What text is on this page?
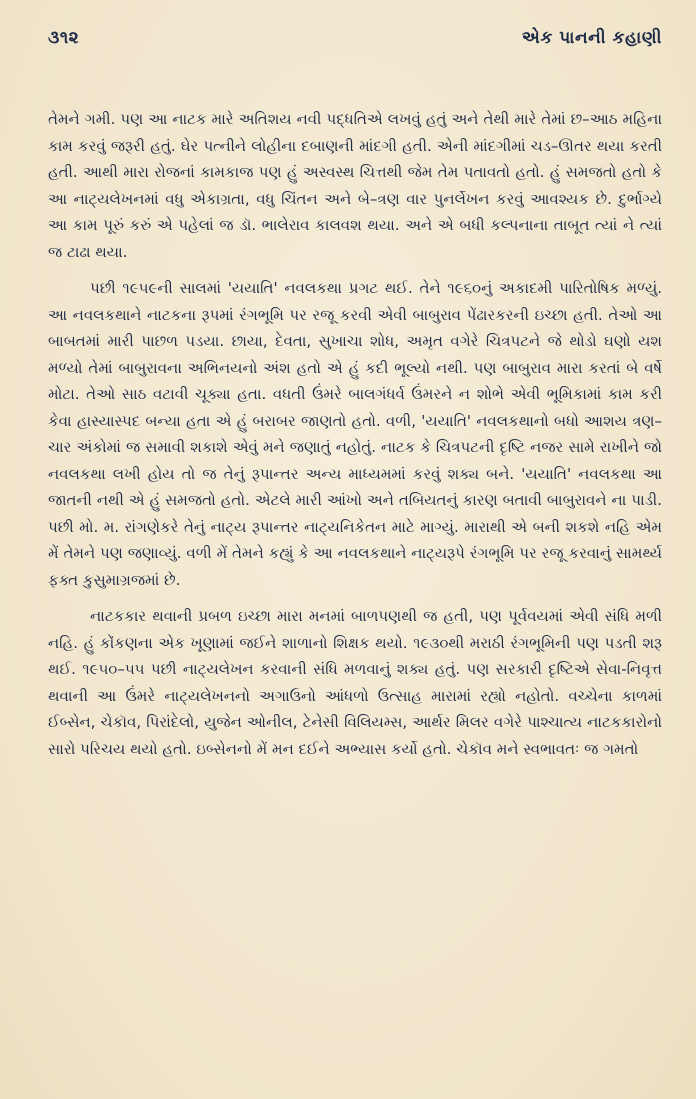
૩૧૨	એક પાનની કહાણી

તેમને ગમી. પણ આ નાટક મારે અતિશય નવી પદ્ધતિએ લખવું હતું અને તેથી મારે તેમાં છ–આઠ મહિના કામ કરવું જરૂરી હતું. ઘેર પત્નીને લોહીના દબાણની માંદગી હતી. એની માંદગીમાં ચડ–ઊતર થયા કરતી હતી. આથી મારા રોજનાં કામકાજ પણ હું અસ્વસ્થ ચિત્તથી જેમ તેમ પતાવતો હતો. હું સમજતો હતો કે આ નાટ્યલેખનમાં વધુ એકાગ્રતા, વધુ ચિંતન અને બે–ત્રણ વાર પુનર્લેખન કરવું આવશ્યક છે. દુર્ભાગ્યે આ કામ પૂરું કરું એ પહેલાં જ ડૉ. ભાલેરાવ કાલવશ થયા. અને એ બધી કલ્પનાના તાબૂત ત્યાં ને ત્યાં જ ટાઢા થયા.

પછી ૧૯૫૯ની સાલમાં 'યયાતિ' નવલકથા પ્રગટ થઈ. તેને ૧૯૬૦નું અકાદમી પારિતોષિક મળ્યું. આ નવલકથાને નાટકના રૂપમાં રંગભૂમિ પર રજૂ કરવી એવી બાબુરાવ પેંઢારકરની ઇચ્છા હતી. તેઓ આ બાબતમાં મારી પાછળ પડયા. છાયા, દેવતા, સુખાચા શોધ, અમૃત વગેરે ચિત્રપટને જે થોડો ઘણો યશ મળ્યો તેમાં બાબુરાવના અભિનયનો અંશ હતો એ હું કદી ભૂલ્યો નથી. પણ બાબુરાવ મારા કરતાં બે વર્ષે મોટા. તેઓ સાઠ વટાવી ચૂક્યા હતા. વધતી ઉંમરે બાલગંધર્વ ઉંમરને ન શોભે એવી ભૂમિકામાં કામ કરી કેવા હાસ્યાસ્પદ બન્યા હતા એ હું બરાબર જાણતો હતો. વળી, 'યયાતિ' નવલકથાનો બધો આશય ત્રણ–ચાર અંકોમાં જ સમાવી શકાશે એવું મને જણાતું નહોતું. નાટક કે ચિત્રપટની દૃષ્ટિ નજર સામે રાખીને જો નવલકથા લખી હોય તો જ તેનું રૂપાન્તર અન્ય માધ્યમમાં કરવું શક્ય બને. 'યયાતિ' નવલકથા આ જાતની નથી એ હું સમજતો હતો. એટલે મારી આંખો અને તબિયતનું કારણ બતાવી બાબુરાવને ના પાડી. પછી મો. મ. રાંગણેકરે તેનું નાટ્ય રૂપાન્તર નાટ્યનિકેતન માટે માગ્યું. મારાથી એ બની શકશે નહિ એમ મેં તેમને પણ જણાવ્યું. વળી મેં તેમને કહ્યું કે આ નવલકથાને નાટ્યરૂપે રંગભૂમિ પર રજૂ કરવાનું સામર્થ્ય ફક્ત કુસુમાગ્રજમાં છે.

નાટકકાર થવાની પ્રબળ ઇચ્છા મારા મનમાં બાળપણથી જ હતી, પણ પૂર્વવયમાં એવી સંધિ મળી નહિ. હું કોંકણના એક ખૂણામાં જઈને શાળાનો શિક્ષક થયો. ૧૯૩૦થી મરાઠી રંગભૂમિની પણ પડતી શરૂ થઈ. ૧૯૫૦–૫૫ પછી નાટ્યલેખન કરવાની સંધિ મળવાનું શક્ય હતું. પણ સરકારી દૃષ્ટિએ સેવા-નિવૃત્ત થવાની આ ઉંમરે નાટ્યલેખનનો અગાઉનો આંધળો ઉત્સાહ મારામાં રહ્યો નહોતો. વચ્ચેના કાળમાં ઈબ્સેન, ચેકૉવ, પિરાંદેલો, યુજેન ઓનીલ, ટેનેસી વિલિયમ્સ, આર્થર મિલર વગેરે પાશ્ચાત્ય નાટકકારોનો સારો પરિચય થયો હતો. ઇબ્સેનનો મેં મન દઈને અભ્યાસ કર્યો હતો. ચેકૉવ મને સ્વભાવતઃ જ ગમતો
